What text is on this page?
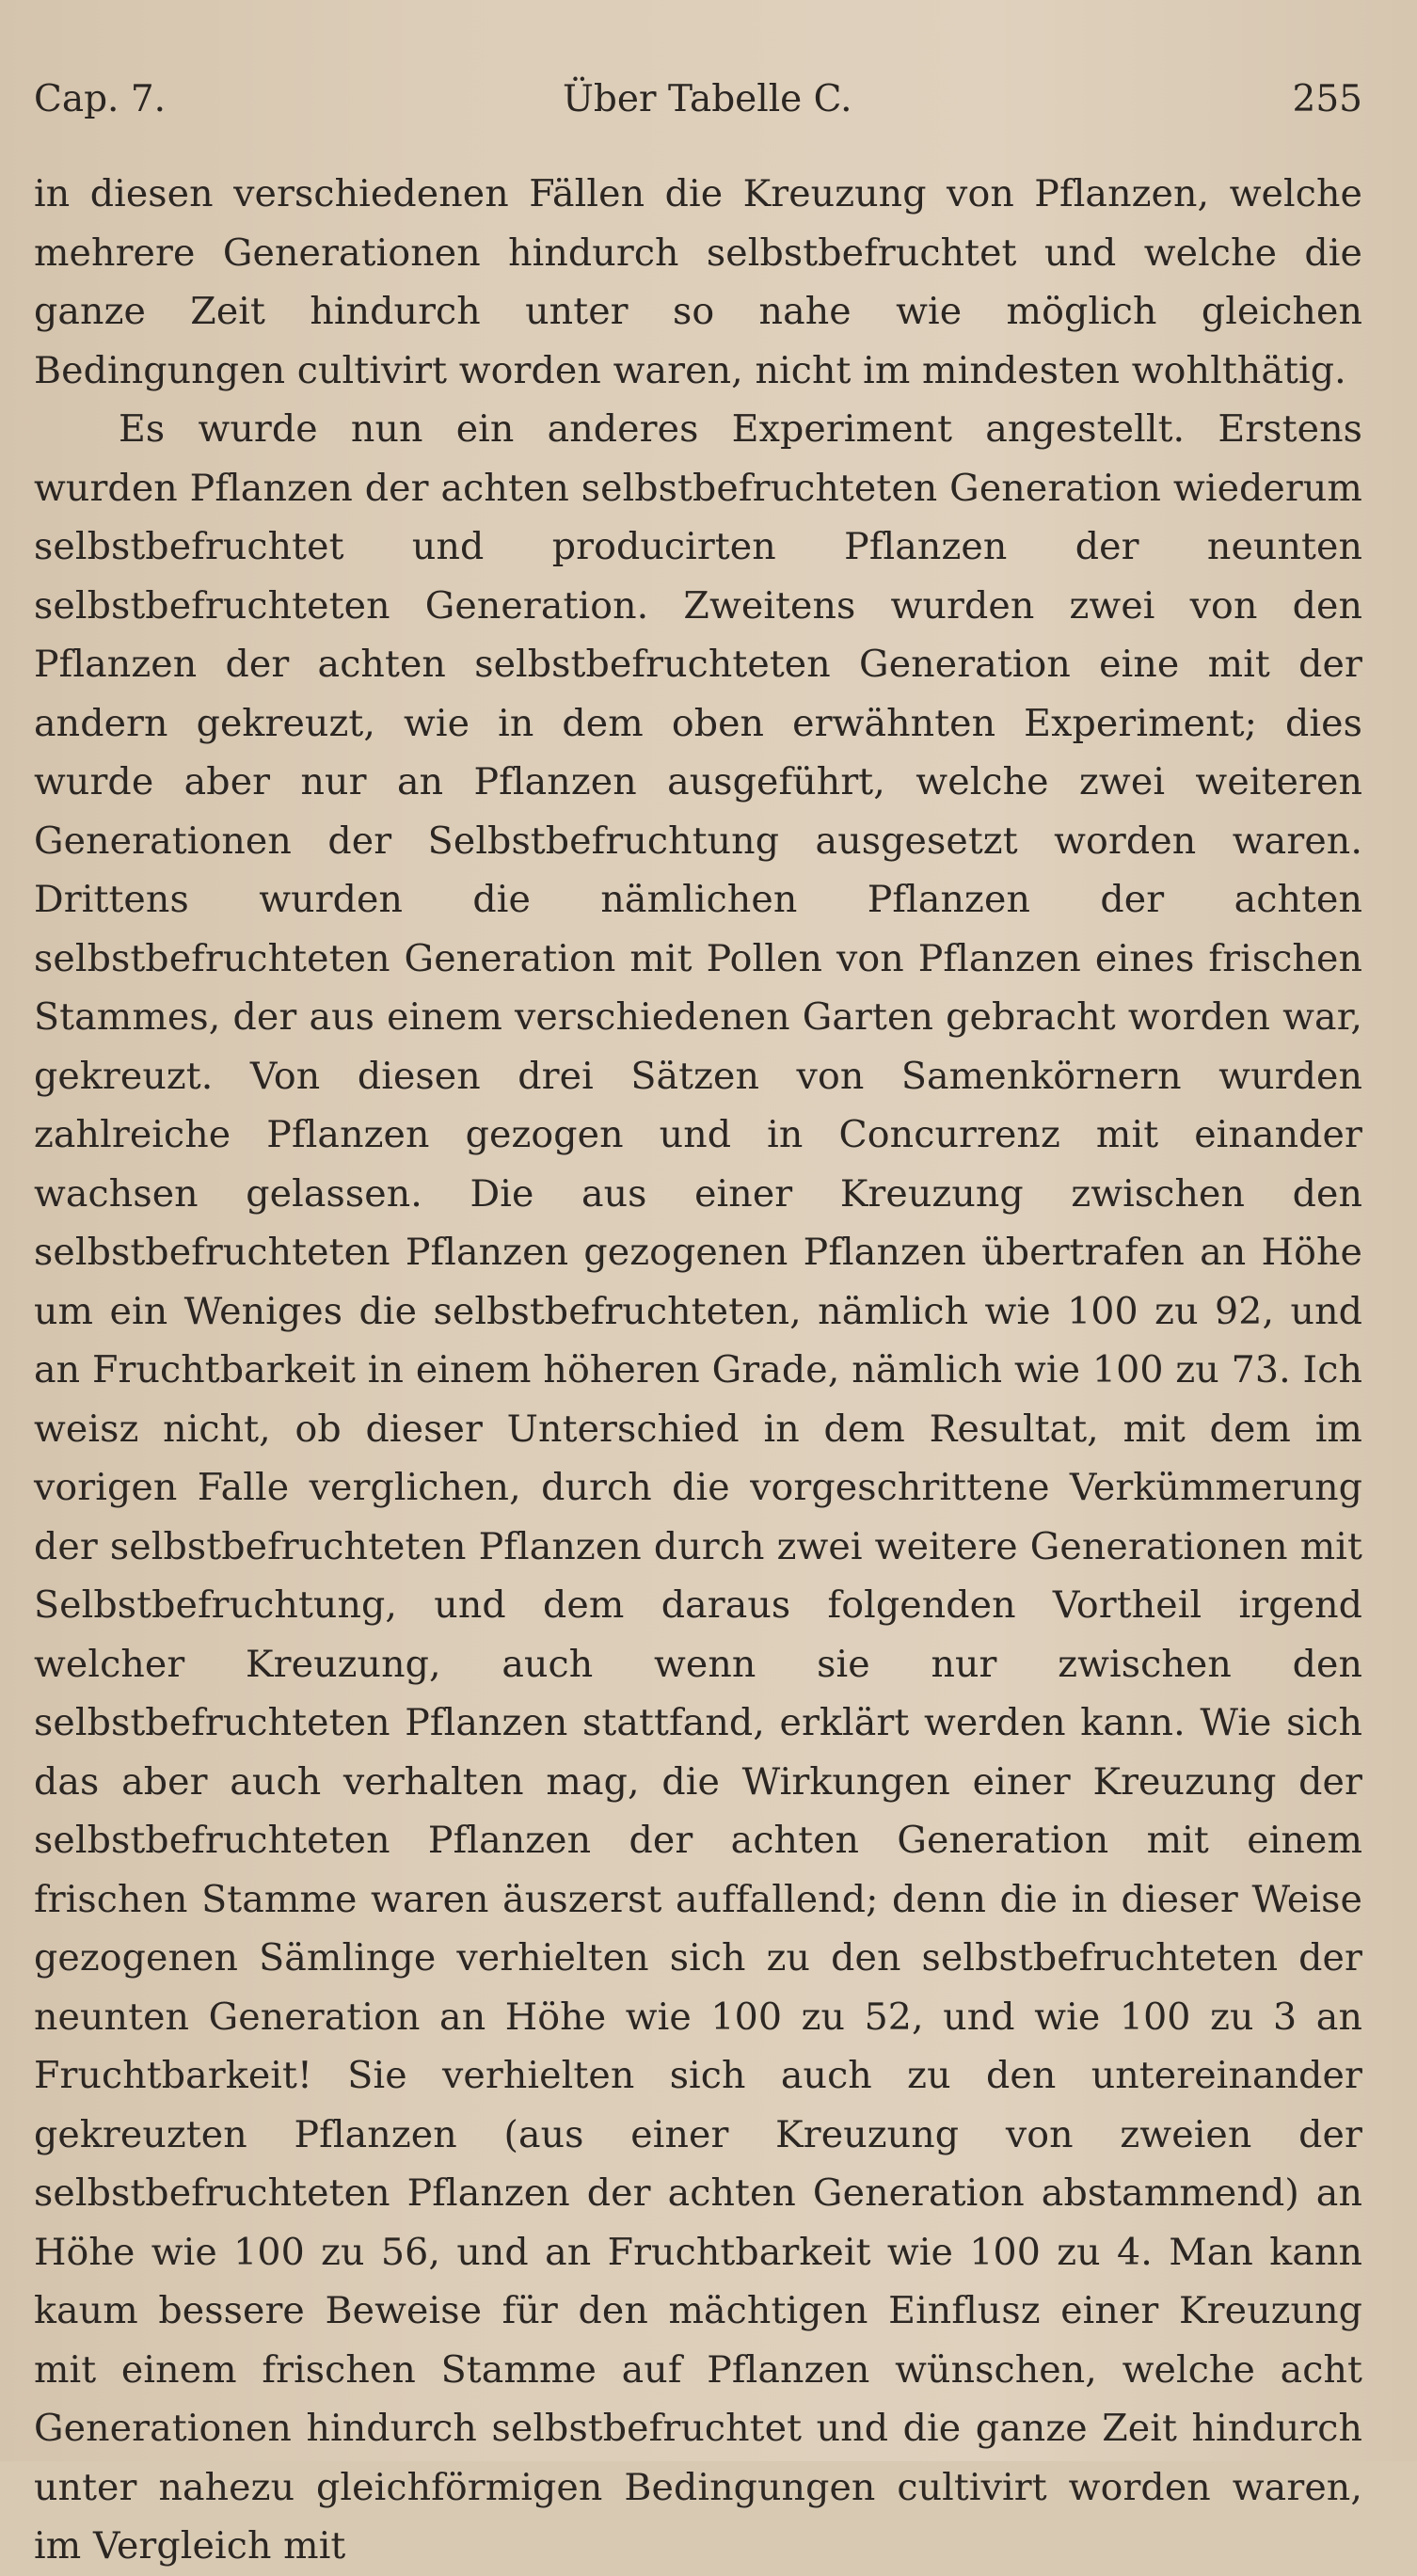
Cap. 7.	Über Tabelle C.	255

in diesen verschiedenen Fällen die Kreuzung von Pflanzen, welche mehrere Generationen hindurch selbstbefruchtet und welche die ganze Zeit hindurch unter so nahe wie möglich gleichen Bedingungen cultivirt worden waren, nicht im mindesten wohlthätig.

Es wurde nun ein anderes Experiment angestellt. Erstens wurden Pflanzen der achten selbstbefruchteten Generation wiederum selbstbefruchtet und producirten Pflanzen der neunten selbstbefruchteten Generation. Zweitens wurden zwei von den Pflanzen der achten selbstbefruchteten Generation eine mit der andern gekreuzt, wie in dem oben erwähnten Experiment; dies wurde aber nur an Pflanzen ausgeführt, welche zwei weiteren Generationen der Selbstbefruchtung ausgesetzt worden waren. Drittens wurden die nämlichen Pflanzen der achten selbstbefruchteten Generation mit Pollen von Pflanzen eines frischen Stammes, der aus einem verschiedenen Garten gebracht worden war, gekreuzt. Von diesen drei Sätzen von Samenkörnern wurden zahlreiche Pflanzen gezogen und in Concurrenz mit einander wachsen gelassen. Die aus einer Kreuzung zwischen den selbstbefruchteten Pflanzen gezogenen Pflanzen übertrafen an Höhe um ein Weniges die selbstbefruchteten, nämlich wie 100 zu 92, und an Fruchtbarkeit in einem höheren Grade, nämlich wie 100 zu 73. Ich weisz nicht, ob dieser Unterschied in dem Resultat, mit dem im vorigen Falle verglichen, durch die vorgeschrittene Verkümmerung der selbstbefruchteten Pflanzen durch zwei weitere Generationen mit Selbstbefruchtung, und dem daraus folgenden Vortheil irgend welcher Kreuzung, auch wenn sie nur zwischen den selbstbefruchteten Pflanzen stattfand, erklärt werden kann. Wie sich das aber auch verhalten mag, die Wirkungen einer Kreuzung der selbstbefruchteten Pflanzen der achten Generation mit einem frischen Stamme waren äuszerst auffallend; denn die in dieser Weise gezogenen Sämlinge verhielten sich zu den selbstbefruchteten der neunten Generation an Höhe wie 100 zu 52, und wie 100 zu 3 an Fruchtbarkeit! Sie verhielten sich auch zu den untereinander gekreuzten Pflanzen (aus einer Kreuzung von zweien der selbstbefruchteten Pflanzen der achten Generation abstammend) an Höhe wie 100 zu 56, und an Fruchtbarkeit wie 100 zu 4. Man kann kaum bessere Beweise für den mächtigen Einflusz einer Kreuzung mit einem frischen Stamme auf Pflanzen wünschen, welche acht Generationen hindurch selbstbefruchtet und die ganze Zeit hindurch unter nahezu gleichförmigen Bedingungen cultivirt worden waren, im Vergleich mit
